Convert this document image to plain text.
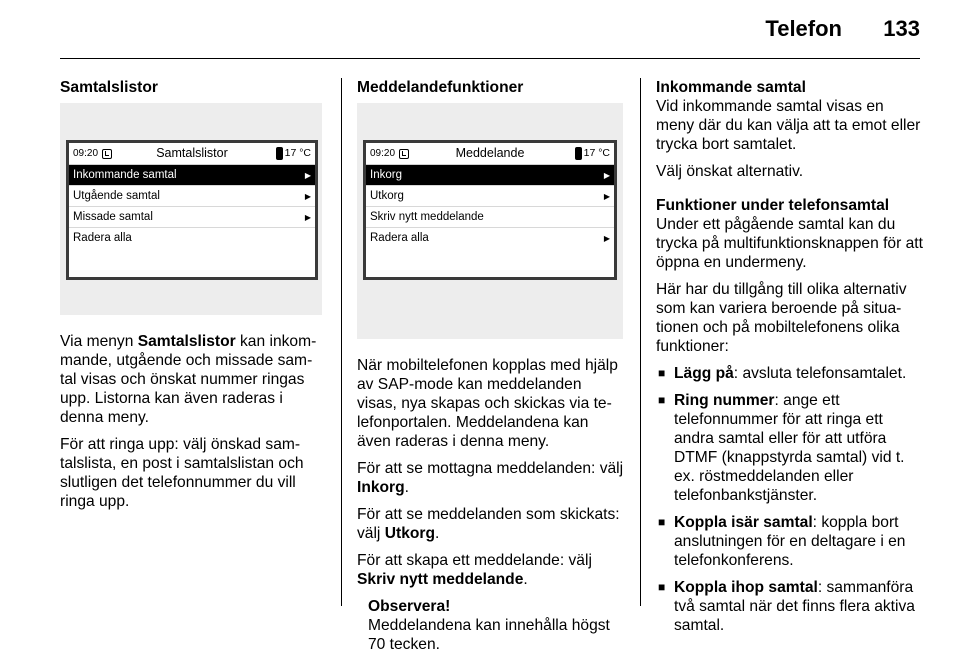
Telefon 133
Samtalslistor
09:20	Samtalslistor	17 °C
Inkommande samtal	▶
Utgående samtal	▶
Missade samtal	▶
Radera alla

Via menyn Samtalslistor kan inkommande, utgående och missade samtal visas och önskat nummer ringas upp. Listorna kan även raderas i denna meny.

För att ringa upp: välj önskad samtalslista, en post i samtalslistan och slutligen det telefonnummer du vill ringa upp.

Meddelandefunktioner
09:20	Meddelande	17 °C
Inkorg	▶
Utkorg	▶
Skriv nytt meddelande
Radera alla	▶

När mobiltelefonen kopplas med hjälp av SAP-mode kan meddelanden visas, nya skapas och skickas via telefonportalen. Meddelandena kan även raderas i denna meny.

För att se mottagna meddelanden: välj Inkorg.

För att se meddelanden som skickats: välj Utkorg.

För att skapa ett meddelande: välj Skriv nytt meddelande.

Observera!
Meddelandena kan innehålla högst 70 tecken.
Inkommande samtal

Vid inkommande samtal visas en meny där du kan välja att ta emot eller trycka bort samtalet.

Välj önskat alternativ.

Funktioner under telefonsamtal

Under ett pågående samtal kan du trycka på multifunktionsknappen för att öppna en undermeny.

Här har du tillgång till olika alternativ som kan variera beroende på situationen och på mobiltelefonens olika funktioner:

■ Lägg på: avsluta telefonsamtalet.
■ Ring nummer: ange ett telefonnummer för att ringa ett andra samtal eller för att utföra DTMF (knappstyrda samtal) vid t. ex. röstmeddelanden eller telefonbankstjänster.
■ Koppla isär samtal: koppla bort anslutningen för en deltagare i en telefonkonferens.
■ Koppla ihop samtal: sammanföra två samtal när det finns flera aktiva samtal.
